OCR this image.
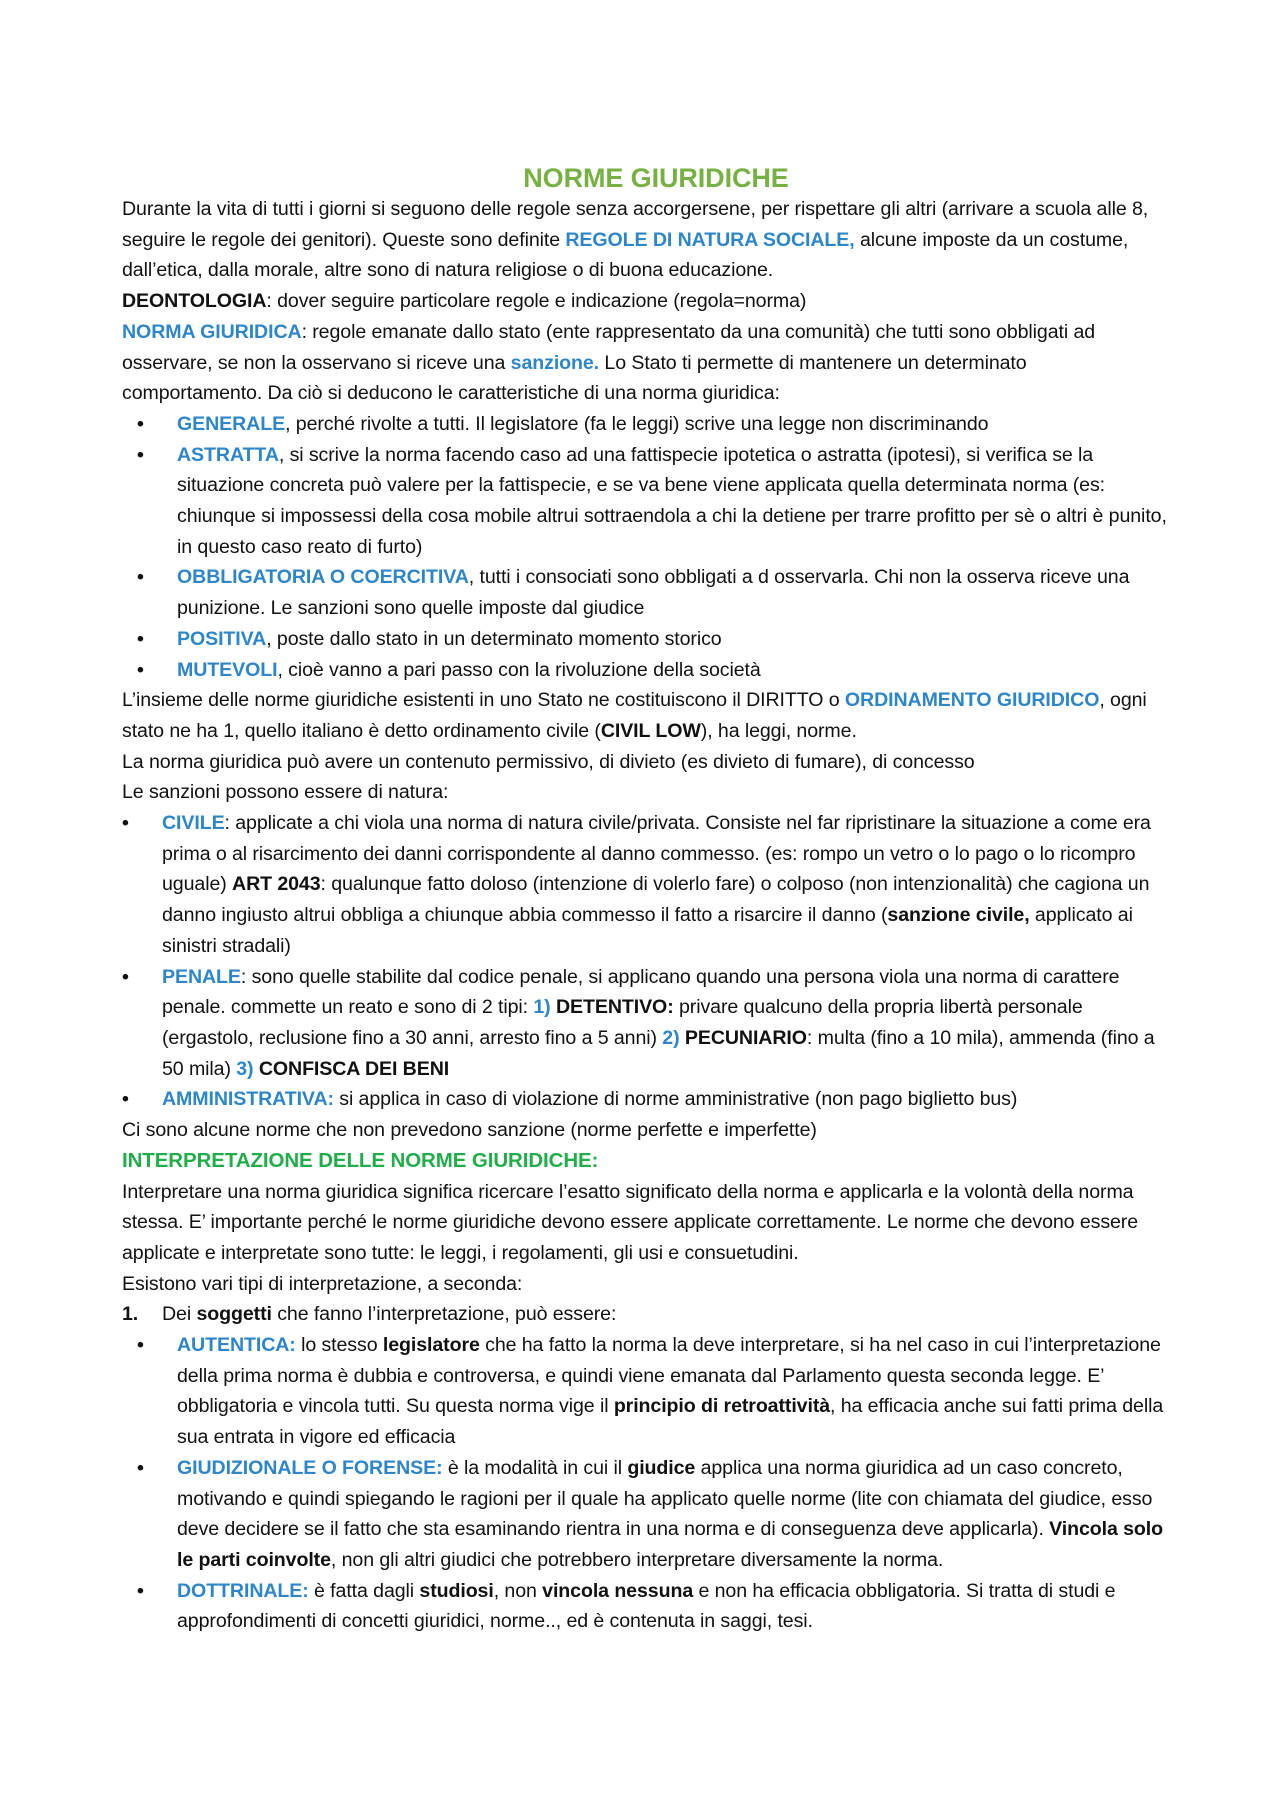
NORME GIURIDICHE

Durante la vita di tutti i giorni si seguono delle regole senza accorgersene, per rispettare gli altri (arrivare a scuola alle 8, seguire le regole dei genitori). Queste sono definite REGOLE DI NATURA SOCIALE, alcune imposte da un costume, dall’etica, dalla morale, altre sono di natura religiose o di buona educazione.

DEONTOLOGIA: dover seguire particolare regole e indicazione (regola=norma)

NORMA GIURIDICA: regole emanate dallo stato (ente rappresentato da una comunità) che tutti sono obbligati ad osservare, se non la osservano si riceve una sanzione. Lo Stato ti permette di mantenere un determinato comportamento. Da ciò si deducono le caratteristiche di una norma giuridica:

• GENERALE, perché rivolte a tutti. Il legislatore (fa le leggi) scrive una legge non discriminando
• ASTRATTA, si scrive la norma facendo caso ad una fattispecie ipotetica o astratta (ipotesi), si verifica se la situazione concreta può valere per la fattispecie, e se va bene viene applicata quella determinata norma (es: chiunque si impossessi della cosa mobile altrui sottraendola a chi la detiene per trarre profitto per sè o altri è punito, in questo caso reato di furto)
• OBBLIGATORIA O COERCITIVA, tutti i consociati sono obbligati a d osservarla. Chi non la osserva riceve una punizione. Le sanzioni sono quelle imposte dal giudice
• POSITIVA, poste dallo stato in un determinato momento storico
• MUTEVOLI, cioè vanno a pari passo con la rivoluzione della società

L’insieme delle norme giuridiche esistenti in uno Stato ne costituiscono il DIRITTO o ORDINAMENTO GIURIDICO, ogni stato ne ha 1, quello italiano è detto ordinamento civile (CIVIL LOW), ha leggi, norme.

La norma giuridica può avere un contenuto permissivo, di divieto (es divieto di fumare), di concesso

Le sanzioni possono essere di natura:

• CIVILE: applicate a chi viola una norma di natura civile/privata. Consiste nel far ripristinare la situazione a come era prima o al risarcimento dei danni corrispondente al danno commesso. (es: rompo un vetro o lo pago o lo ricompro uguale) ART 2043: qualunque fatto doloso (intenzione di volerlo fare) o colposo (non intenzionalità) che cagiona un danno ingiusto altrui obbliga a chiunque abbia commesso il fatto a risarcire il danno (sanzione civile, applicato ai sinistri stradali)
• PENALE: sono quelle stabilite dal codice penale, si applicano quando una persona viola una norma di carattere penale. commette un reato e sono di 2 tipi: 1) DETENTIVO: privare qualcuno della propria libertà personale (ergastolo, reclusione fino a 30 anni, arresto fino a 5 anni) 2) PECUNIARIO: multa (fino a 10 mila), ammenda (fino a 50 mila) 3) CONFISCA DEI BENI
• AMMINISTRATIVA: si applica in caso di violazione di norme amministrative (non pago biglietto bus)

Ci sono alcune norme che non prevedono sanzione (norme perfette e imperfette)

INTERPRETAZIONE DELLE NORME GIURIDICHE:

Interpretare una norma giuridica significa ricercare l’esatto significato della norma e applicarla e la volontà della norma stessa. E’ importante perché le norme giuridiche devono essere applicate correttamente. Le norme che devono essere applicate e interpretate sono tutte: le leggi, i regolamenti, gli usi e consuetudini.

Esistono vari tipi di interpretazione, a seconda:

1. Dei soggetti che fanno l’interpretazione, può essere:
• AUTENTICA: lo stesso legislatore che ha fatto la norma la deve interpretare, si ha nel caso in cui l’interpretazione della prima norma è dubbia e controversa, e quindi viene emanata dal Parlamento questa seconda legge. E’ obbligatoria e vincola tutti. Su questa norma vige il principio di retroattività, ha efficacia anche sui fatti prima della sua entrata in vigore ed efficacia
• GIUDIZIONALE O FORENSE: è la modalità in cui il giudice applica una norma giuridica ad un caso concreto, motivando e quindi spiegando le ragioni per il quale ha applicato quelle norme (lite con chiamata del giudice, esso deve decidere se il fatto che sta esaminando rientra in una norma e di conseguenza deve applicarla). Vincola solo le parti coinvolte, non gli altri giudici che potrebbero interpretare diversamente la norma.
• DOTTRINALE: è fatta dagli studiosi, non vincola nessuna e non ha efficacia obbligatoria. Si tratta di studi e approfondimenti di concetti giuridici, norme.., ed è contenuta in saggi, tesi.
